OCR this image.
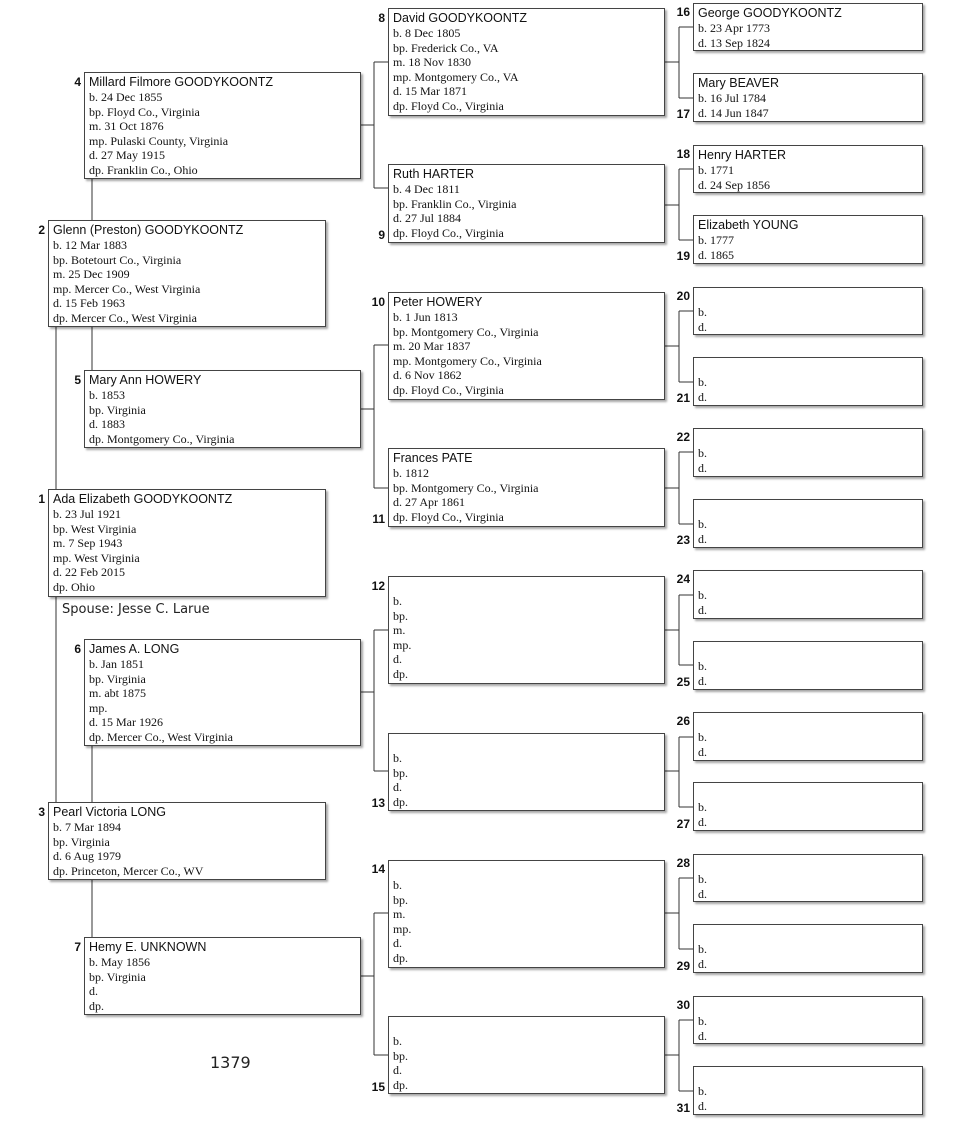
Ada Elizabeth GOODYKOONTZ
b. 23 Jul 1921
bp. West Virginia
m. 7 Sep 1943
mp. West Virginia
d. 22 Feb 2015
dp. Ohio
1
Spouse: Jesse C. Larue
Glenn (Preston) GOODYKOONTZ
b. 12 Mar 1883
bp. Botetourt Co., Virginia
m. 25 Dec 1909
mp. Mercer Co., West Virginia
d. 15 Feb 1963
dp. Mercer Co., West Virginia
2
Pearl Victoria LONG
b. 7 Mar 1894
bp. Virginia
d. 6 Aug 1979
dp. Princeton, Mercer Co., WV
3
Millard Filmore GOODYKOONTZ
b. 24 Dec 1855
bp. Floyd Co., Virginia
m. 31 Oct 1876
mp. Pulaski County, Virginia
d. 27 May 1915
dp. Franklin Co., Ohio
4
Mary Ann HOWERY
b. 1853
bp. Virginia
d. 1883
dp. Montgomery Co., Virginia
5
James A. LONG
b. Jan 1851
bp. Virginia
m. abt 1875
mp.
d. 15 Mar 1926
dp. Mercer Co., West Virginia
6
Hemy E. UNKNOWN
b. May 1856
bp. Virginia
d.
dp.
7
1379
David GOODYKOONTZ
b. 8 Dec 1805
bp. Frederick Co., VA
m. 18 Nov 1830
mp. Montgomery Co., VA
d. 15 Mar 1871
dp. Floyd Co., Virginia
8
Ruth HARTER
b. 4 Dec 1811
bp. Franklin Co., Virginia
d. 27 Jul 1884
dp. Floyd Co., Virginia
9
Peter HOWERY
b. 1 Jun 1813
bp. Montgomery Co., Virginia
m. 20 Mar 1837
mp. Montgomery Co., Virginia
d. 6 Nov 1862
dp. Floyd Co., Virginia
10
Frances PATE
b. 1812
bp. Montgomery Co., Virginia
d. 27 Apr 1861
dp. Floyd Co., Virginia
11
b.
bp.
m.
mp.
d.
dp.
12
b.
bp.
d.
dp.
13
b.
bp.
m.
mp.
d.
dp.
14
b.
bp.
d.
dp.
15
George GOODYKOONTZ
b. 23 Apr 1773
d. 13 Sep 1824
16
Mary BEAVER
b. 16 Jul 1784
d. 14 Jun 1847
17
Henry HARTER
b. 1771
d. 24 Sep 1856
18
Elizabeth YOUNG
b. 1777
d. 1865
19
b.
d.
20
b.
d.
21
b.
d.
22
b.
d.
23
b.
d.
24
b.
d.
25
b.
d.
26
b.
d.
27
b.
d.
28
b.
d.
29
b.
d.
30
b.
d.
31
